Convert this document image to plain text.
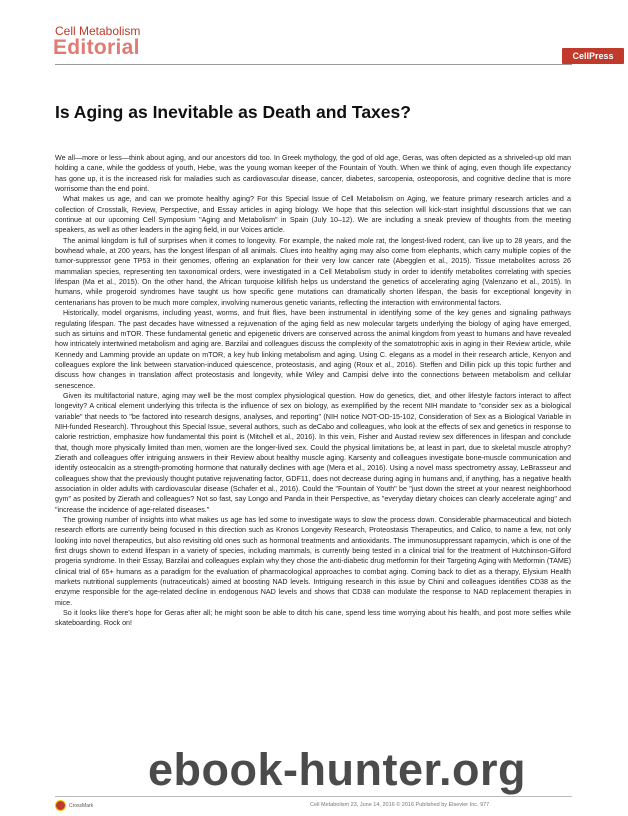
Cell Metabolism
Editorial	CellPress
Is Aging as Inevitable as Death and Taxes?

We all—more or less—think about aging, and our ancestors did too. In Greek mythology, the god of old age, Geras, was often depicted as a shriveled-up old man holding a cane, while the goddess of youth, Hebe, was the young woman keeper of the Fountain of Youth. When we think of aging, even though life expectancy has gone up, it is the increased risk for maladies such as cardiovascular disease, cancer, diabetes, sarcopenia, osteoporosis, and cognitive decline that is more worrisome than the end point.

What makes us age, and can we promote healthy aging? For this Special Issue of Cell Metabolism on Aging, we feature primary research articles and a collection of Crosstalk, Review, Perspective, and Essay articles in aging biology. We hope that this selection will kick-start insightful discussions that we can continue at our upcoming Cell Symposium "Aging and Metabolism" in Spain (July 10–12). We are including a sneak preview of thoughts from the meeting speakers, as well as other leaders in the aging field, in our Voices article.

The animal kingdom is full of surprises when it comes to longevity. For example, the naked mole rat, the longest-lived rodent, can live up to 28 years, and the bowhead whale, at 200 years, has the longest lifespan of all animals. Clues into healthy aging may also come from elephants, which carry multiple copies of the tumor-suppressor gene TP53 in their genomes, offering an explanation for their very low cancer rate (Abegglen et al., 2015). Tissue metabolites across 26 mammalian species, representing ten taxonomical orders, were investigated in a Cell Metabolism study in order to identify metabolites correlating with species lifespan (Ma et al., 2015). On the other hand, the African turquoise killifish helps us understand the genetics of accelerating aging (Valenzano et al., 2015). In humans, while progeroid syndromes have taught us how specific gene mutations can dramatically shorten lifespan, the basis for exceptional longevity in centenarians has proven to be much more complex, involving numerous genetic variants, reflecting the interaction with environmental factors.

Historically, model organisms, including yeast, worms, and fruit flies, have been instrumental in identifying some of the key genes and signaling pathways regulating lifespan. The past decades have witnessed a rejuvenation of the aging field as new molecular targets underlying the biology of aging have emerged, such as sirtuins and mTOR. These fundamental genetic and epigenetic drivers are conserved across the animal kingdom from yeast to humans and have revealed how intricately intertwined metabolism and aging are. Barzilai and colleagues discuss the complexity of the somatotrophic axis in aging in their Review article, while Kennedy and Lamming provide an update on mTOR, a key hub linking metabolism and aging. Using C. elegans as a model in their research article, Kenyon and colleagues explore the link between starvation-induced quiescence, proteostasis, and aging (Roux et al., 2016). Steffen and Dillin pick up this topic further and discuss how changes in translation affect proteostasis and longevity, while Wiley and Campisi delve into the connections between metabolism and cellular senescence.

Given its multifactorial nature, aging may well be the most complex physiological question. How do genetics, diet, and other lifestyle factors interact to affect longevity? A critical element underlying this trifecta is the influence of sex on biology, as exemplified by the recent NIH mandate to "consider sex as a biological variable" that needs to "be factored into research designs, analyses, and reporting" (NIH notice NOT-OD-15-102, Consideration of Sex as a Biological Variable in NIH-funded Research). Throughout this Special Issue, several authors, such as deCabo and colleagues, who look at the effects of sex and genetics in response to calorie restriction, emphasize how fundamental this point is (Mitchell et al., 2016). In this vein, Fisher and Austad review sex differences in lifespan and conclude that, though more physically limited than men, women are the longer-lived sex. Could the physical limitations be, at least in part, due to skeletal muscle atrophy? Zierath and colleagues offer intriguing answers in their Review about healthy muscle aging. Karsenty and colleagues investigate bone-muscle communication and identify osteocalcin as a strength-promoting hormone that naturally declines with age (Mera et al., 2016). Using a novel mass spectrometry assay, LeBrasseur and colleagues show that the previously thought putative rejuvenating factor, GDF11, does not decrease during aging in humans and, if anything, has a negative health association in older adults with cardiovascular disease (Schafer et al., 2016). Could the "Fountain of Youth" be "just down the street at your nearest neighborhood gym" as posited by Zierath and colleagues? Not so fast, say Longo and Panda in their Perspective, as "everyday dietary choices can clearly accelerate aging" and "increase the incidence of age-related diseases."

The growing number of insights into what makes us age has led some to investigate ways to slow the process down. Considerable pharmaceutical and biotech research efforts are currently being focused in this direction such as Kronos Longevity Research, Proteostasis Therapeutics, and Calico, to name a few, not only looking into novel therapeutics, but also revisiting old ones such as hormonal treatments and antioxidants. The immunosuppressant rapamycin, which is one of the first drugs shown to extend lifespan in a variety of species, including mammals, is currently being tested in a clinical trial for the treatment of Hutchinson-Gilford progeria syndrome. In their Essay, Barzilai and colleagues explain why they chose the anti-diabetic drug metformin for their Targeting Aging with Metformin (TAME) clinical trial of 65+ humans as a paradigm for the evaluation of pharmacological approaches to combat aging. Coming back to diet as a therapy, Elysium Health markets nutritional supplements (nutraceuticals) aimed at boosting NAD levels. Intriguing research in this issue by Chini and colleagues identifies CD38 as the enzyme responsible for the age-related decline in endogenous NAD levels and shows that CD38 can modulate the response to NAD replacement therapies in mice.

So it looks like there's hope for Geras after all; he might soon be able to ditch his cane, spend less time worrying about his health, and post more selfies while skateboarding. Rock on!

CrossMark	Cell Metabolism 23, June 14, 2016 © 2016 Published by Elsevier Inc. 977
ebook-hunter.org
